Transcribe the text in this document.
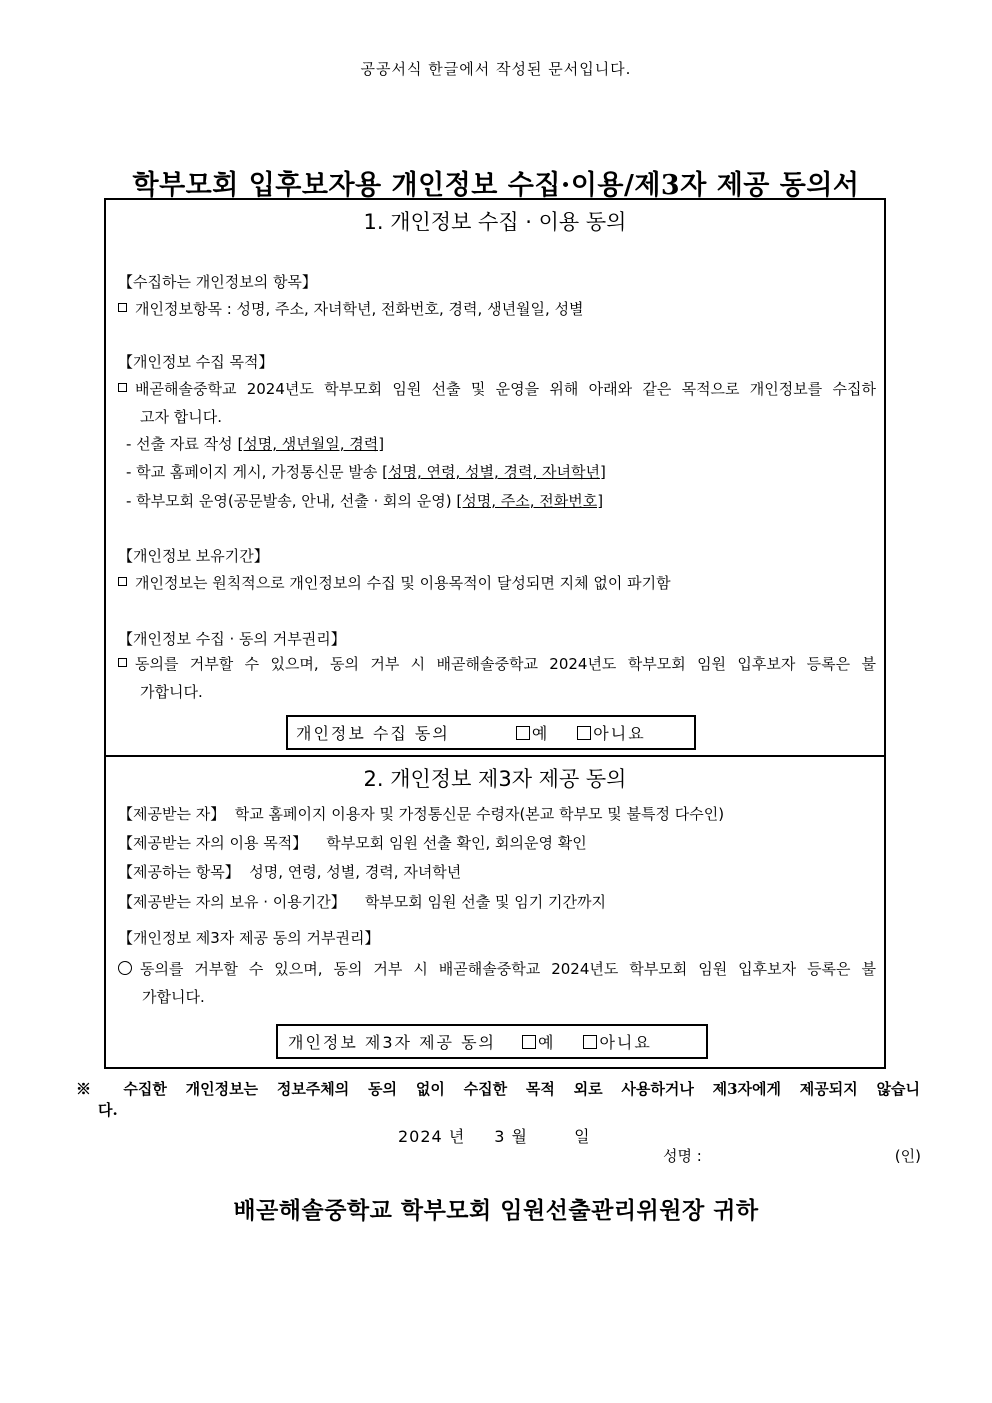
공공서식 한글에서 작성된 문서입니다.
학부모회 입후보자용 개인정보 수집·이용/제3자 제공 동의서
1. 개인정보 수집 · 이용 동의
【수집하는 개인정보의 항목】
개인정보항목 : 성명, 주소, 자녀학년, 전화번호, 경력, 생년월일, 성별
【개인정보 수집 목적】
배곧해솔중학교 2024년도 학부모회 임원 선출 및 운영을 위해 아래와 같은 목적으로 개인정보를 수집하
고자 합니다.
- 선출 자료 작성 [성명, 생년월일, 경력]
- 학교 홈페이지 게시, 가정통신문 발송 [성명, 연령, 성별, 경력, 자녀학년]
- 학부모회 운영(공문발송, 안내, 선출 · 회의 운영) [성명, 주소, 전화번호]
【개인정보 보유기간】
개인정보는 원칙적으로 개인정보의 수집 및 이용목적이 달성되면 지체 없이 파기함
【개인정보 수집 · 동의 거부권리】
동의를 거부할 수 있으며, 동의 거부 시 배곧해솔중학교 2024년도 학부모회 임원 입후보자 등록은 불
가합니다.
개인정보 수집 동의	예	아니요
2. 개인정보 제3자 제공 동의
【제공받는 자】 학교 홈페이지 이용자 및 가정통신문 수령자(본교 학부모 및 불특정 다수인)
【제공받는 자의 이용 목적】 학부모회 임원 선출 확인, 회의운영 확인
【제공하는 항목】 성명, 연령, 성별, 경력, 자녀학년
【제공받는 자의 보유 · 이용기간】 학부모회 임원 선출 및 임기 기간까지
【개인정보 제3자 제공 동의 거부권리】
동의를 거부할 수 있으며, 동의 거부 시 배곧해솔중학교 2024년도 학부모회 임원 입후보자 등록은 불
가합니다.
개인정보 제3자 제공 동의	예	아니요
※ 수집한 개인정보는 정보주체의 동의 없이 수집한 목적 외로 사용하거나 제3자에게 제공되지 않습니
다.
2024 년 3 월	일
성명 :	(인)
배곧해솔중학교 학부모회 임원선출관리위원장 귀하
